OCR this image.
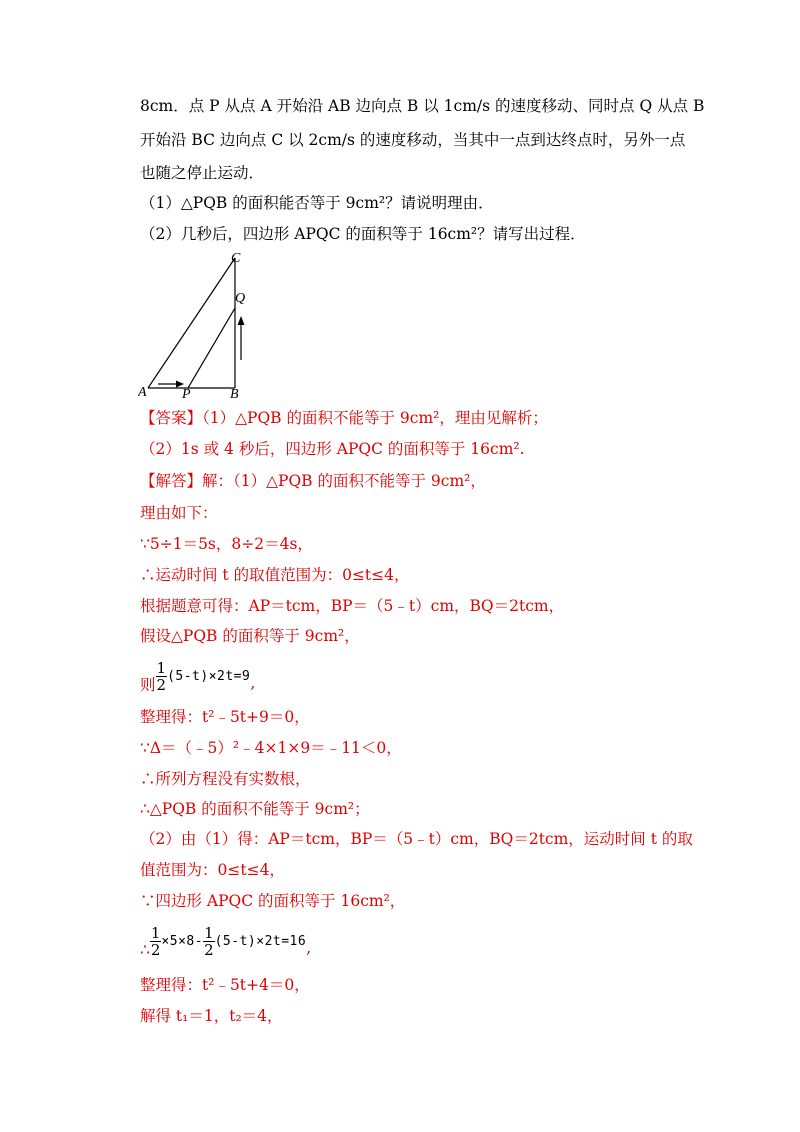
8cm．点 P 从点 A 开始沿 AB 边向点 B 以 1cm/s 的速度移动、同时点 Q 从点 B
开始沿 BC 边向点 C 以 2cm/s 的速度移动，当其中一点到达终点时，另外一点
也随之停止运动．
（1）△PQB 的面积能否等于 9cm²？请说明理由．
（2）几秒后，四边形 APQC 的面积等于 16cm²？请写出过程．
C
Q
A	P	B
【答案】（1）△PQB 的面积不能等于 9cm²，理由见解析；
（2）1s 或 4 秒后，四边形 APQC 的面积等于 16cm².
【解答】解：（1）△PQB 的面积不能等于 9cm²，
理由如下：
∵5÷1＝5s，8÷2＝4s，
∴运动时间 t 的取值范围为：0≤t≤4，
根据题意可得：AP＝tcm，BP＝（5﹣t）cm，BQ＝2tcm，
假设△PQB 的面积等于 9cm²，
则 $\frac{1}{2} (5-t)\times 2t=9$,
整理得：t²﹣5t+9＝0，
∵Δ＝（﹣5）²﹣4×1×9＝﹣11＜0，
∴所列方程没有实数根，
∴△PQB 的面积不能等于 9cm²；
（2）由（1）得：AP＝tcm，BP＝（5﹣t）cm，BQ＝2tcm，运动时间 t 的取
值范围为：0≤t≤4，
∵四边形 APQC 的面积等于 16cm²，
∴ $\frac{1}{2} \times 5\times 8- \frac{1}{2} (5-t)\times 2t=16$,
整理得：t²﹣5t+4＝0，
解得 t₁＝1，t₂＝4，
